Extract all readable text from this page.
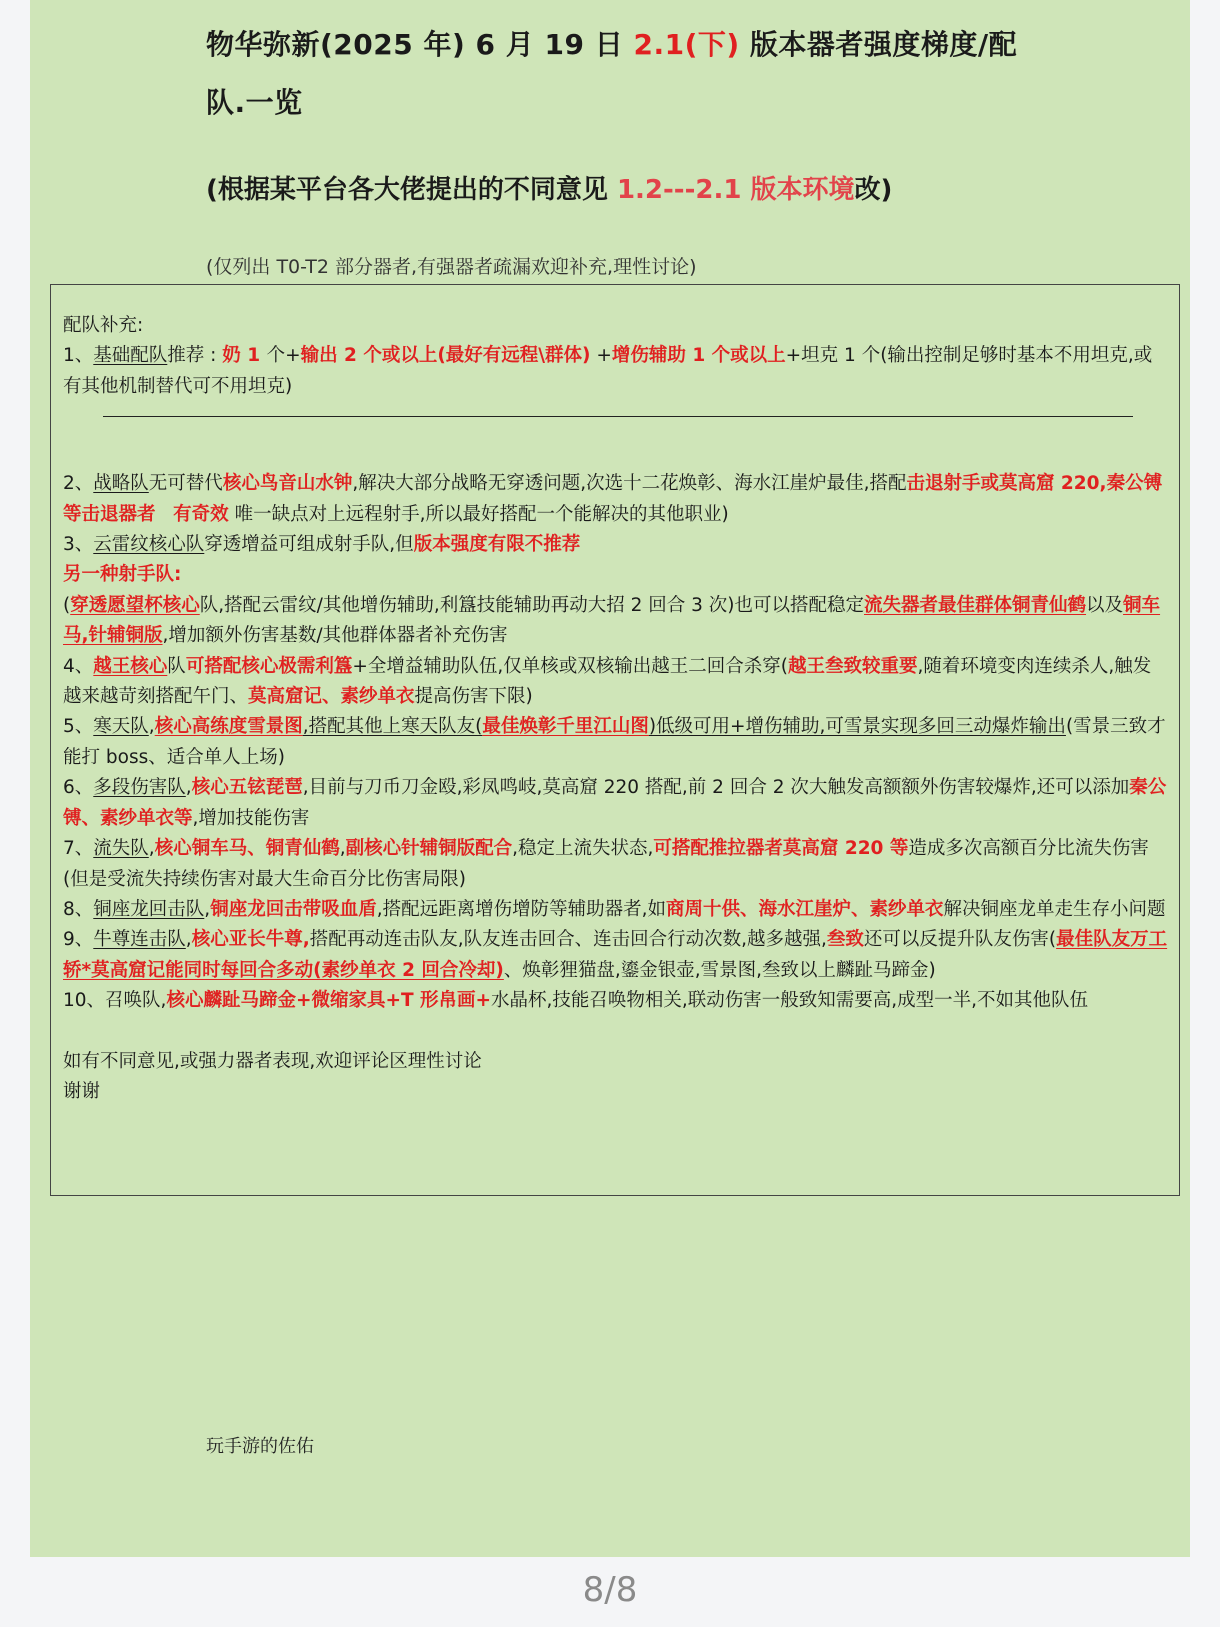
物华弥新(2025 年) 6 月 19 日 2.1(下) 版本器者强度梯度/配
队.一览
(根据某平台各大佬提出的不同意见 1.2---2.1 版本环境改)
(仅列出 T0-T2 部分器者,有强器者疏漏欢迎补充,理性讨论)

配队补充:

1、基础配队推荐 : 奶 1 个+输出 2 个或以上(最好有远程\群体) +增伤辅助 1 个或以上+坦克 1 个(输出控制足够时基本不用坦克,或有其他机制替代可不用坦克)

2、战略队无可替代核心鸟音山水钟,解决大部分战略无穿透问题,次选十二花焕彰、海水江崖炉最佳,搭配击退射手或莫高窟 220,秦公镈等击退器者 有奇效 唯一缺点对上远程射手,所以最好搭配一个能解决的其他职业)

3、云雷纹核心队穿透增益可组成射手队,但版本强度有限不推荐

另一种射手队:

(穿透愿望杯核心队,搭配云雷纹/其他增伤辅助,利簋技能辅助再动大招 2 回合 3 次)也可以搭配稳定流失器者最佳群体铜青仙鹤以及铜车马,针辅铜版,增加额外伤害基数/其他群体器者补充伤害

4、越王核心队可搭配核心极需利簋+全增益辅助队伍,仅单核或双核输出越王二回合杀穿(越王叁致较重要,随着环境变肉连续杀人,触发越来越苛刻搭配午门、莫高窟记、素纱单衣提高伤害下限)

5、寒天队,核心高练度雪景图,搭配其他上寒天队友(最佳焕彰千里江山图)低级可用+增伤辅助,可雪景实现多回三动爆炸输出(雪景三致才能打 boss、适合单人上场)

6、多段伤害队,核心五铉琵琶,目前与刀币刀金殴,彩凤鸣岐,莫高窟 220 搭配,前 2 回合 2 次大触发高额额外伤害较爆炸,还可以添加秦公镈、素纱单衣等,增加技能伤害

7、流失队,核心铜车马、铜青仙鹤,副核心针辅铜版配合,稳定上流失状态,可搭配推拉器者莫高窟 220 等造成多次高额百分比流失伤害(但是受流失持续伤害对最大生命百分比伤害局限)

8、铜座龙回击队,铜座龙回击带吸血盾,搭配远距离增伤增防等辅助器者,如商周十供、海水江崖炉、素纱单衣解决铜座龙单走生存小问题

9、牛尊连击队,核心亚长牛尊,搭配再动连击队友,队友连击回合、连击回合行动次数,越多越强,叁致还可以反提升队友伤害(最佳队友万工轿*莫高窟记能同时每回合多动(素纱单衣 2 回合冷却)、焕彰狸猫盘,鎏金银壶,雪景图,叁致以上麟趾马蹄金)

10、召唤队,核心麟趾马蹄金+微缩家具+T 形帛画+水晶杯,技能召唤物相关,联动伤害一般致知需要高,成型一半,不如其他队伍

如有不同意见,或强力器者表现,欢迎评论区理性讨论

谢谢

玩手游的佐佑
8/8
